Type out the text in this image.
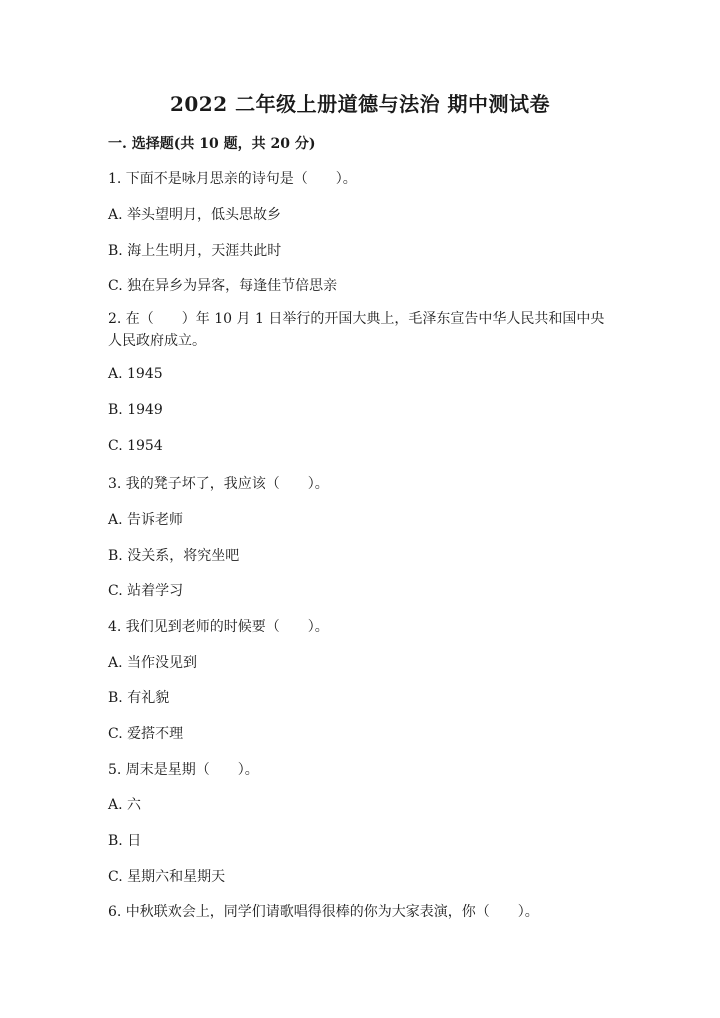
2022 二年级上册道德与法治 期中测试卷
一. 选择题(共 10 题，共 20 分)
1. 下面不是咏月思亲的诗句是（　　）。
A. 举头望明月，低头思故乡
B. 海上生明月，天涯共此时
C. 独在异乡为异客，每逢佳节倍思亲
2. 在（　　）年 10 月 1 日举行的开国大典上，毛泽东宣告中华人民共和国中央人民政府成立。
A. 1945
B. 1949
C. 1954
3. 我的凳子坏了，我应该（　　）。
A. 告诉老师
B. 没关系，将究坐吧
C. 站着学习
4. 我们见到老师的时候要（　　）。
A. 当作没见到
B. 有礼貌
C. 爱搭不理
5. 周末是星期（　　）。
A. 六
B. 日
C. 星期六和星期天
6. 中秋联欢会上，同学们请歌唱得很棒的你为大家表演，你（　　）。
